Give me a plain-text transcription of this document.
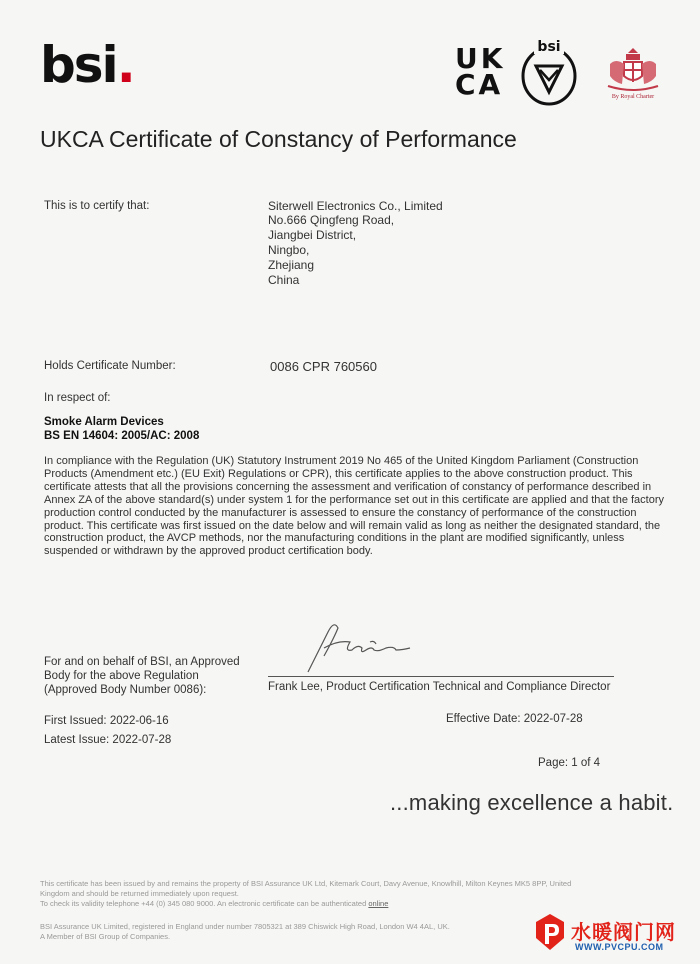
bsi.	UK
CA
bsi
By Royal Charter
UKCA Certificate of Constancy of Performance
This is to certify that:	Siterwell Electronics Co., Limited
No.666 Qingfeng Road,
Jiangbei District,
Ningbo,
Zhejiang
China
Holds Certificate Number:	0086 CPR 760560
In respect of:
Smoke Alarm Devices
BS EN 14604: 2005/AC: 2008
In compliance with the Regulation (UK) Statutory Instrument 2019 No 465 of the United Kingdom Parliament (Construction Products (Amendment etc.) (EU Exit) Regulations or CPR), this certificate applies to the above construction product. This certificate attests that all the provisions concerning the assessment and verification of constancy of performance described in Annex ZA of the above standard(s) under system 1 for the performance set out in this certificate are applied and that the factory production control conducted by the manufacturer is assessed to ensure the constancy of performance of the construction product. This certificate was first issued on the date below and will remain valid as long as neither the designated standard, the construction product, the AVCP methods, nor the manufacturing conditions in the plant are modified significantly, unless suspended or withdrawn by the approved product certification body.
For and on behalf of BSI, an Approved
Body for the above Regulation
(Approved Body Number 0086):	Frank Lee, Product Certification Technical and Compliance Director
First Issued: 2022-06-16
Latest Issue: 2022-07-28
Effective Date: 2022-07-28
Page: 1 of 4
...making excellence a habit.
This certificate has been issued by and remains the property of BSI Assurance UK Ltd, Kitemark Court, Davy Avenue, Knowlhill, Milton Keynes MK5 8PP, United
Kingdom and should be returned immediately upon request.
To check its validity telephone +44 (0) 345 080 9000. An electronic certificate can be authenticated online
BSI Assurance UK Limited, registered in England under number 7805321 at 389 Chiswick High Road, London W4 4AL, UK.
A Member of BSI Group of Companies.	水暖阀门网
WWW.PVCPU.COM
